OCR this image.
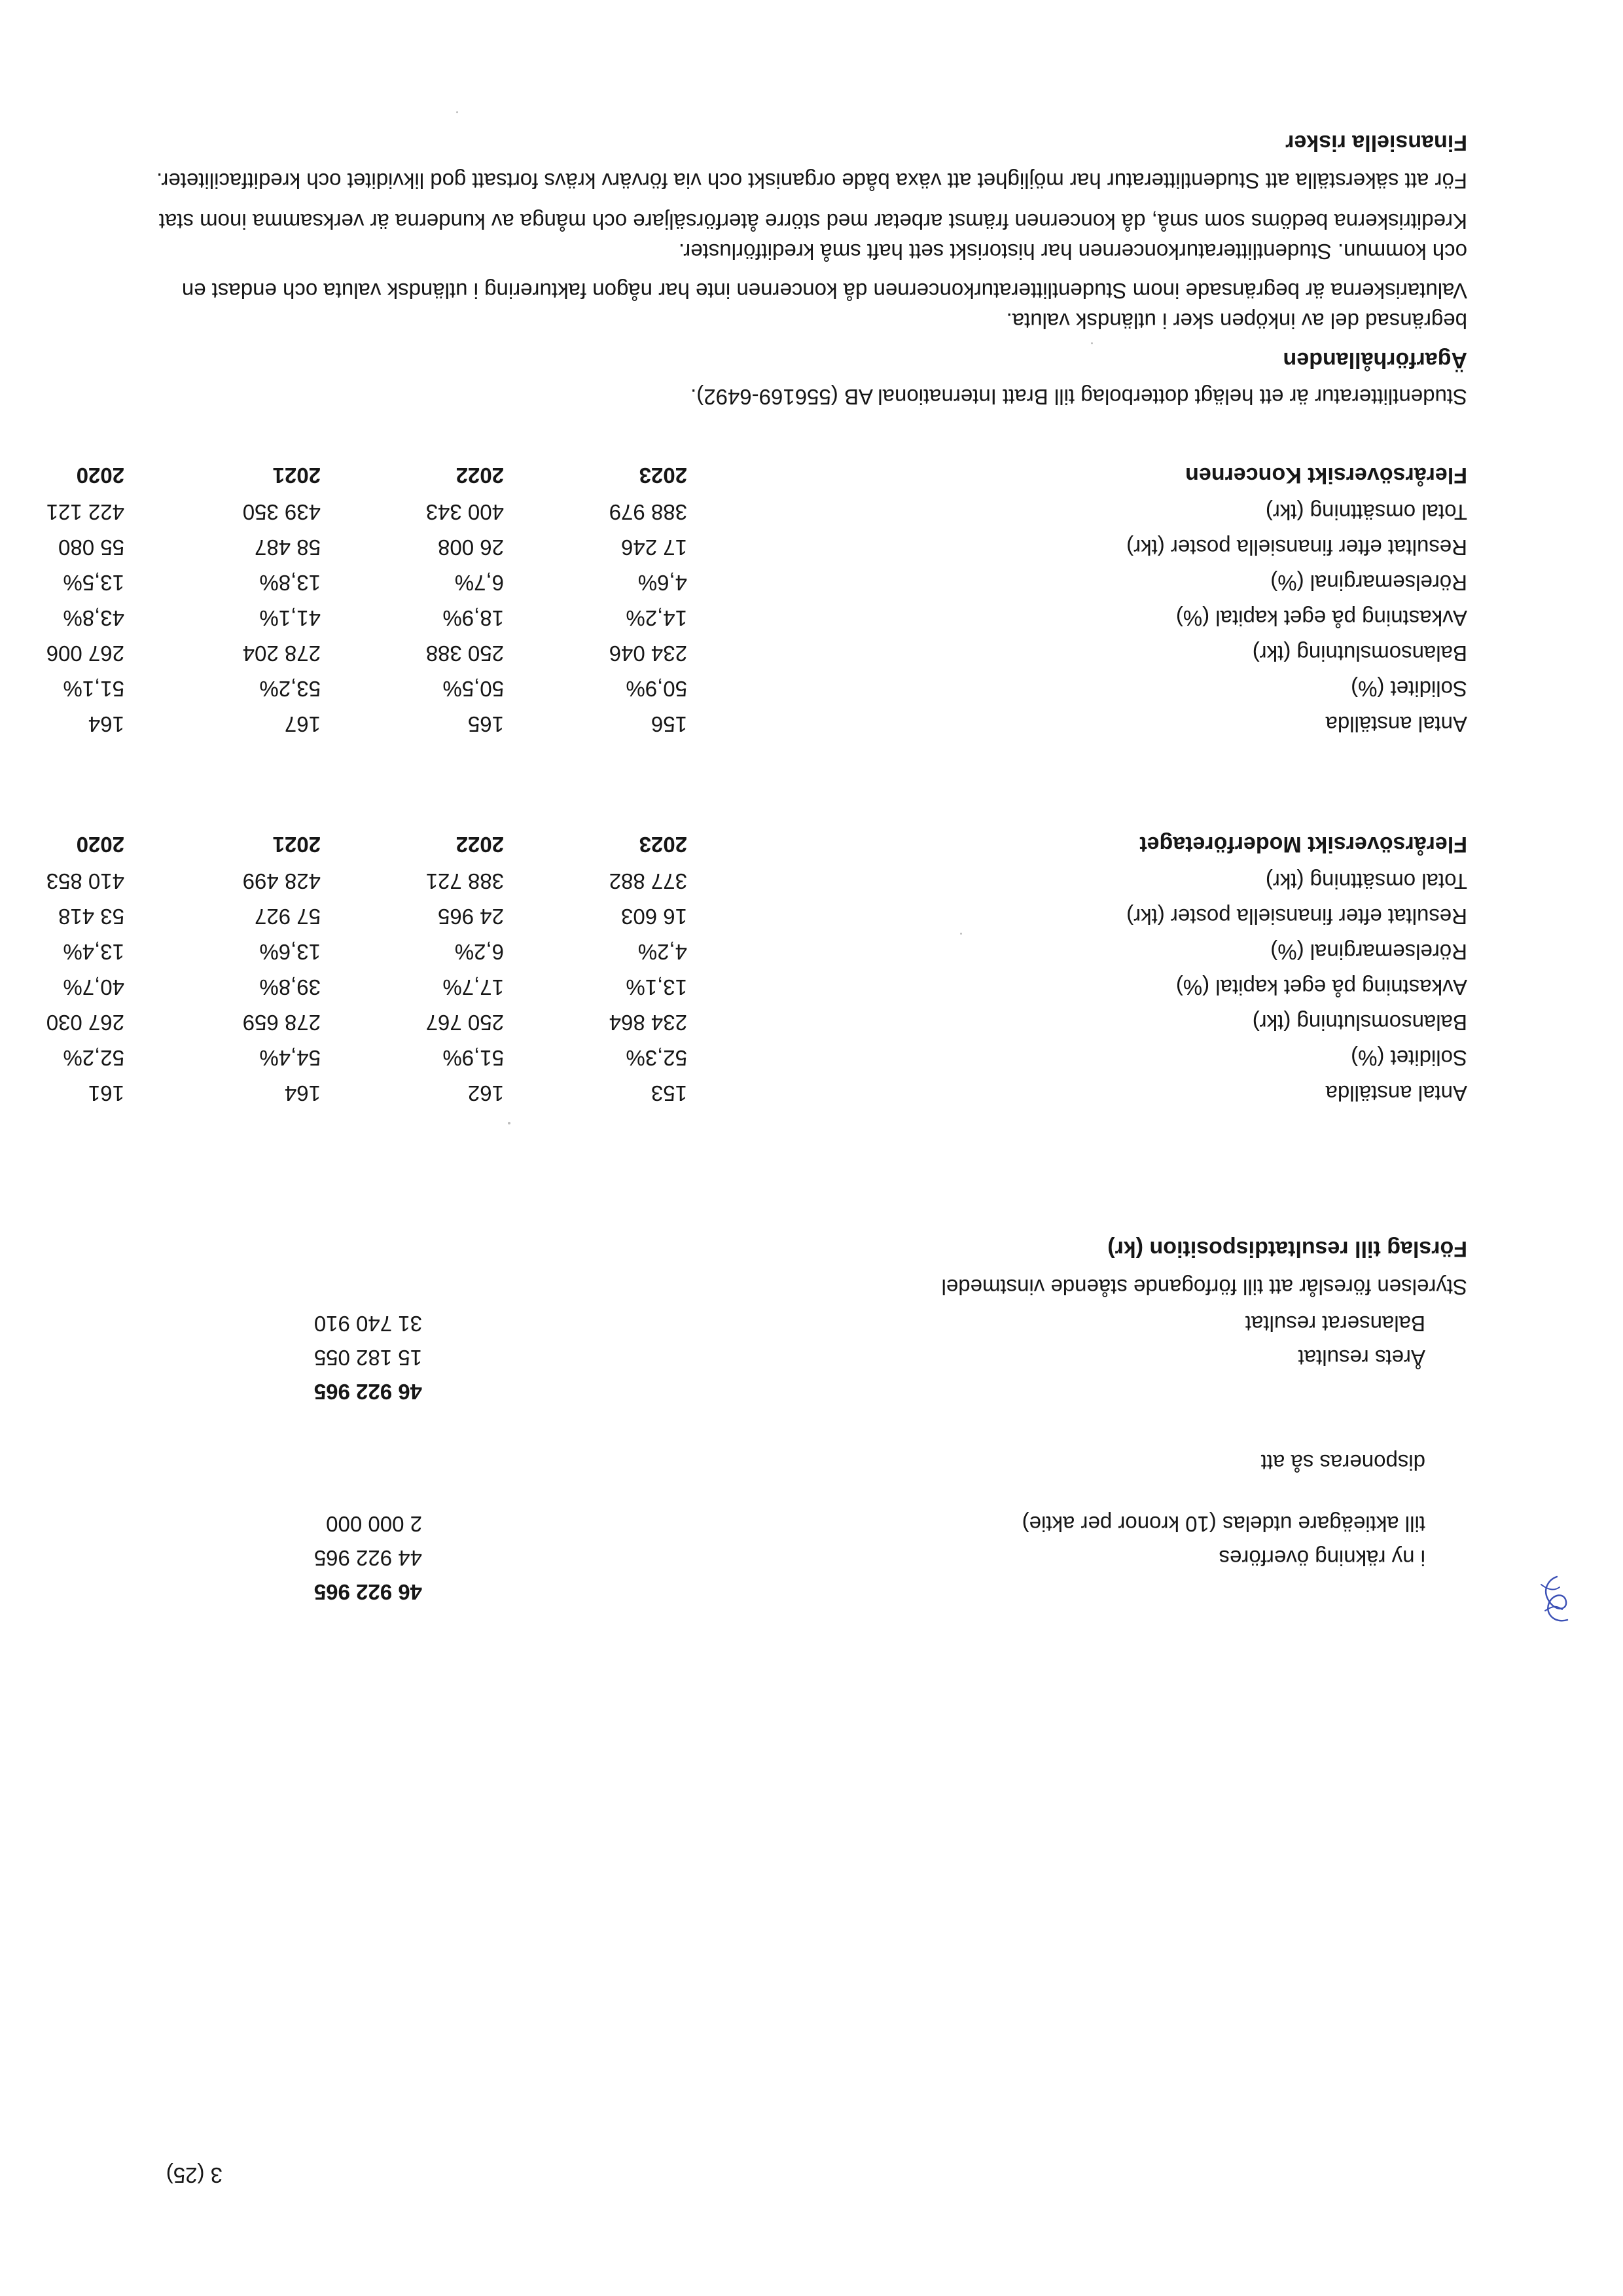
3 (25)
Finansiella risker
För att säkerställa att Studentlitteratur har möjlighet att växa både organiskt och via förvärv krävs fortsatt god likviditet och kreditfaciliteter.
Kreditriskerna bedöms som små, då koncernen främst arbetar med större återförsäljare och många av kunderna är verksamma inom stat
och kommun. Studentlitteraturkoncernen har historiskt sett haft små kreditförluster.
Valutariskerna är begränsade inom Studentlitteraturkoncernen då koncernen inte har någon fakturering i utländsk valuta och endast en
begränsad del av inköpen sker i utländsk valuta.
Ägarförhållanden
Studentlitteratur är ett helägt dotterbolag till Bratt International AB (556169-6492).
Flerårsöversikt Koncernen
2023
2022
2021
2020
Total omsättning (tkr)
388 979
400 343
439 350
422 121
Resultat efter finansiella poster (tkr)
17 246
26 008
58 487
55 080
Rörelsemarginal (%)
4,6%
6,7%
13,8%
13,5%
Avkastning på eget kapital (%)
14,2%
18,9%
41,1%
43,8%
Balansomslutning (tkr)
234 046
250 388
278 204
267 006
Soliditet (%)
50,9%
50,5%
53,2%
51,1%
Antal anställda
156
165
167
164
Flerårsöversikt Moderföretaget
2023
2022
2021
2020
Total omsättning (tkr)
377 882
388 721
428 499
410 853
Resultat efter finansiella poster (tkr)
16 603
24 965
57 927
53 418
Rörelsemarginal (%)
4,2%
6,2%
13,6%
13,4%
Avkastning på eget kapital (%)
13,1%
17,7%
39,8%
40,7%
Balansomslutning (tkr)
234 864
250 767
278 659
267 030
Soliditet (%)
52,3%
51,9%
54,4%
52,2%
Antal anställda
153
162
164
161
Förslag till resultatdisposition (kr)
Styrelsen föreslår att till förfogande stående vinstmedel
Balanserat resultat
31 740 910
Årets resultat
15 182 055
46 922 965
disponeras så att
till aktieägare utdelas (10 kronor per aktie)
2 000 000
i ny räkning överföres
44 922 965
46 922 965
